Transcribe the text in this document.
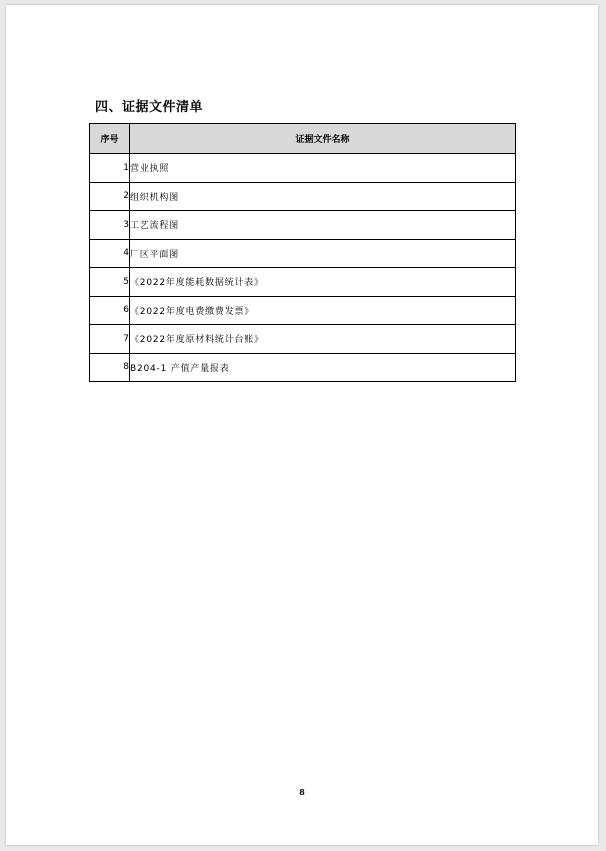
四、证据文件清单
序号	证据文件名称
1	营业执照
2	组织机构图
3	工艺流程图
4	厂区平面图
5	《2022年度能耗数据统计表》
6	《2022年度电费缴费发票》
7	《2022年度原材料统计台账》
8	B204-1 产值产量报表
8
